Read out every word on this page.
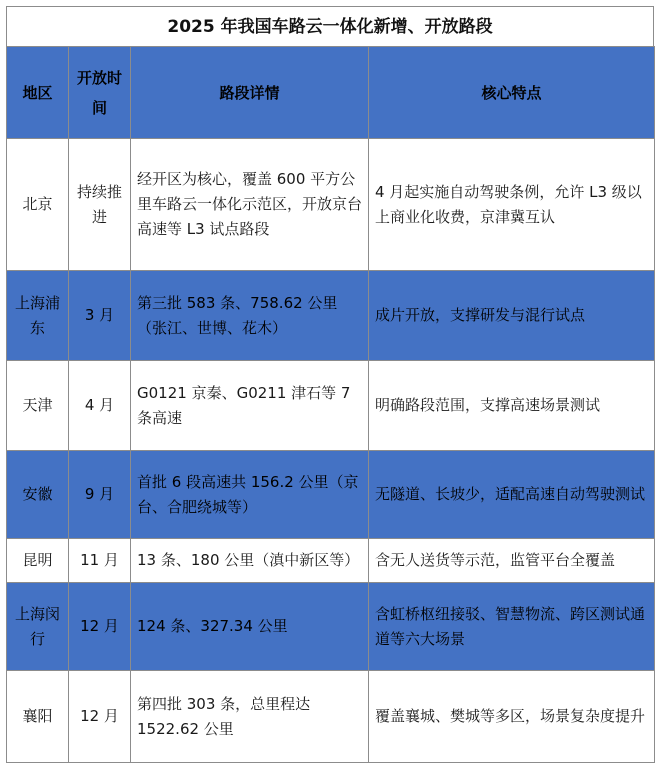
2025 年我国车路云一体化新增、开放路段
地区	开放时间	路段详情	核心特点
北京	持续推进	经开区为核心，覆盖 600 平方公里车路云一体化示范区，开放京台高速等 L3 试点路段	4 月起实施自动驾驶条例，允许 L3 级以上商业化收费，京津冀互认
上海浦东	3 月	第三批 583 条、758.62 公里（张江、世博、花木）	成片开放，支撑研发与混行试点
天津	4 月	G0121 京秦、G0211 津石等 7 条高速	明确路段范围，支撑高速场景测试
安徽	9 月	首批 6 段高速共 156.2 公里（京台、合肥绕城等）	无隧道、长坡少，适配高速自动驾驶测试
昆明	11 月	13 条、180 公里（滇中新区等）	含无人送货等示范，监管平台全覆盖
上海闵行	12 月	124 条、327.34 公里	含虹桥枢纽接驳、智慧物流、跨区测试通道等六大场景
襄阳	12 月	第四批 303 条，总里程达 1522.62 公里	覆盖襄城、樊城等多区，场景复杂度提升
